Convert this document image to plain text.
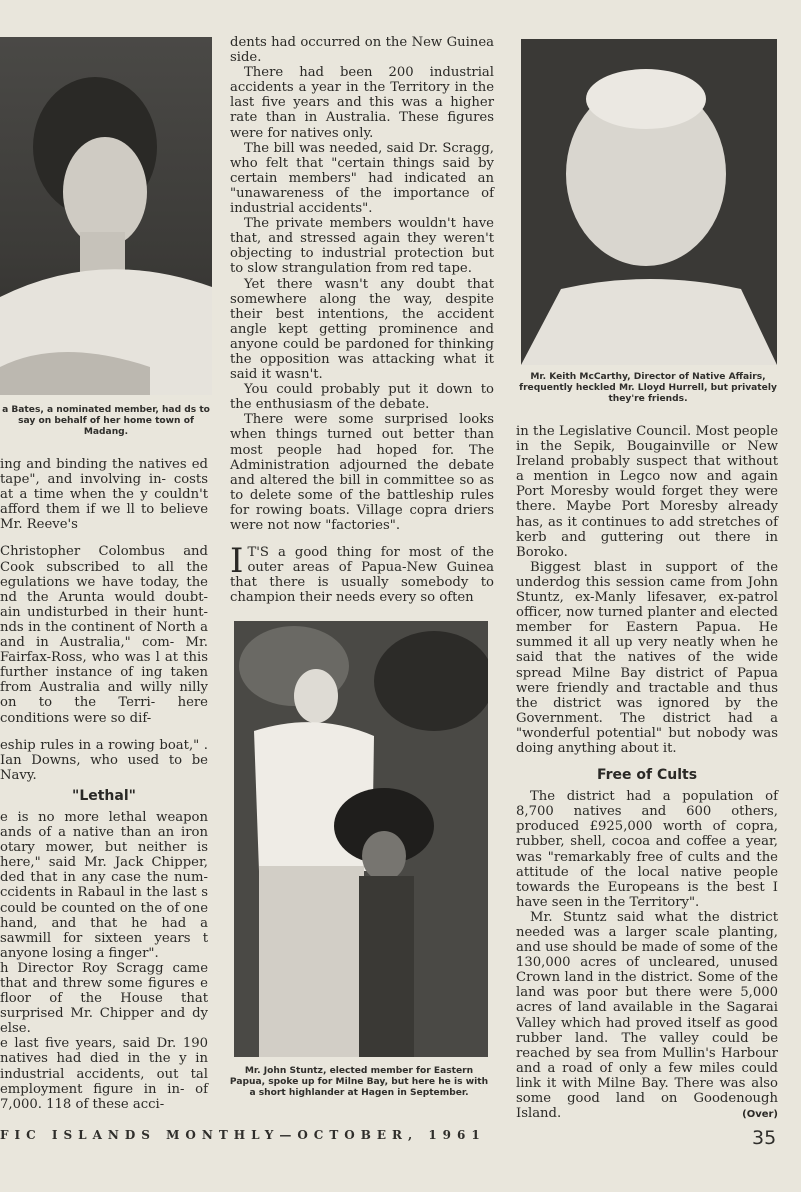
a Bates, a nominated member, had ds to say on behalf of her home town of Madang.
Mr. Keith McCarthy, Director of Native Affairs, frequently heckled Mr. Lloyd Hurrell, but privately they're friends.
Mr. John Stuntz, elected member for Eastern Papua, spoke up for Milne Bay, but here he is with a short highlander at Hagen in September.

ing and binding the natives ed tape", and involving in- costs at a time when the y couldn't afford them if we ll to believe Mr. Reeve's

Christopher Colombus and Cook subscribed to all the egulations we have today, the nd the Arunta would doubt- ain undisturbed in their hunt- nds in the continent of North a and in Australia," com- Mr. Fairfax-Ross, who was l at this further instance of ing taken from Australia and willy nilly on to the Terri- here conditions were so dif-

eship rules in a rowing boat," . Ian Downs, who used to be Navy.

"Lethal"

e is no more lethal weapon ands of a native than an iron otary mower, but neither is here," said Mr. Jack Chipper, ded that in any case the num- ccidents in Rabaul in the last s could be counted on the of one hand, and that he had a sawmill for sixteen years t anyone losing a finger".

h Director Roy Scragg came that and threw some figures e floor of the House that surprised Mr. Chipper and dy else.

e last five years, said Dr. 190 natives had died in the y in industrial accidents, out tal employment figure in in- of 7,000. 118 of these acci-

dents had occurred on the New Guinea side.

There had been 200 industrial accidents a year in the Territory in the last five years and this was a higher rate than in Australia. These figures were for natives only.

The bill was needed, said Dr. Scragg, who felt that "certain things said by certain members" had indicated an "unawareness of the importance of industrial accidents".

The private members wouldn't have that, and stressed again they weren't objecting to industrial protection but to slow strangulation from red tape.

Yet there wasn't any doubt that somewhere along the way, despite their best intentions, the accident angle kept getting prominence and anyone could be pardoned for thinking the opposition was attacking what it said it wasn't.

You could probably put it down to the enthusiasm of the debate.

There were some surprised looks when things turned out better than most people had hoped for. The Administration adjourned the debate and altered the bill in committee so as to delete some of the battleship rules for rowing boats. Village copra driers were not now "factories".

I T'S a good thing for most of the outer areas of Papua-New Guinea that there is usually somebody to champion their needs every so often

in the Legislative Council. Most people in the Sepik, Bougainville or New Ireland probably suspect that without a mention in Legco now and again Port Moresby would forget they were there. Maybe Port Moresby already has, as it continues to add stretches of kerb and guttering out there in Boroko.

Biggest blast in support of the underdog this session came from John Stuntz, ex-Manly lifesaver, ex-patrol officer, now turned planter and elected member for Eastern Papua. He summed it all up very neatly when he said that the natives of the wide spread Milne Bay district of Papua were friendly and tractable and thus the district was ignored by the Government. The district had a "wonderful potential" but nobody was doing anything about it.

Free of Cults

The district had a population of 8,700 natives and 600 others, produced £925,000 worth of copra, rubber, shell, cocoa and coffee a year, was "remarkably free of cults and the attitude of the local native people towards the Europeans is the best I have seen in the Territory".

Mr. Stuntz said what the district needed was a larger scale planting, and use should be made of some of the 130,000 acres of uncleared, unused Crown land in the district. Some of the land was poor but there were 5,000 acres of land available in the Sagarai Valley which had proved itself as good rubber land. The valley could be reached by sea from Mullin's Harbour and a road of only a few miles could link it with Milne Bay. There was also some good land on Goodenough Island.	(Over)
FIC ISLANDS MONTHLY—OCTOBER, 1961	35
